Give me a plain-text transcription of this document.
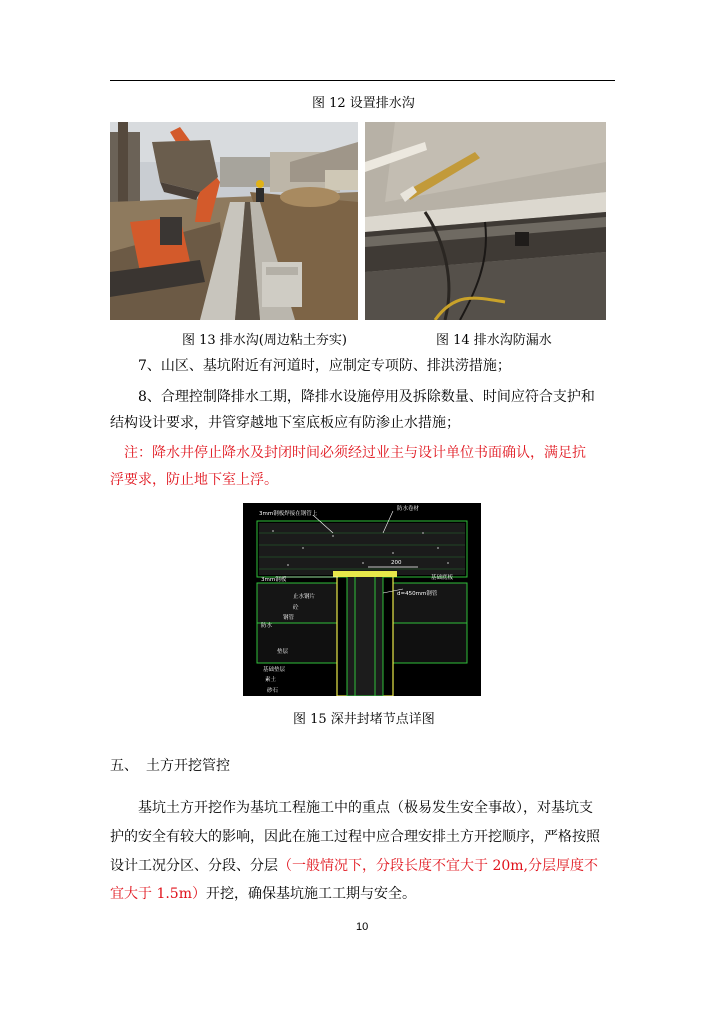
图 12 设置排水沟
图 13 排水沟(周边粘土夯实)	图 14 排水沟防漏水
7、山区、基坑附近有河道时，应制定专项防、排洪涝措施；
8、合理控制降排水工期，降排水设施停用及拆除数量、时间应符合支护和
结构设计要求，井管穿越地下室底板应有防渗止水措施；
注：降水井停止降水及封闭时间必须经过业主与设计单位书面确认，满足抗
浮要求，防止地下室上浮。
3mm钢板焊接在钢管上
防水卷材
200
3mm钢板	基础底板
止水钢片
砼
d=450mm钢管
钢管
防水
垫层
基础垫层
素土
砂石
图 15 深井封堵节点详图
五、 土方开挖管控
基坑土方开挖作为基坑工程施工中的重点（极易发生安全事故），对基坑支
护的安全有较大的影响，因此在施工过程中应合理安排土方开挖顺序，严格按照
设计工况分区、分段、分层（一般情况下，分段长度不宜大于 20m,分层厚度不
宜大于 1.5m）开挖，确保基坑施工工期与安全。
10
